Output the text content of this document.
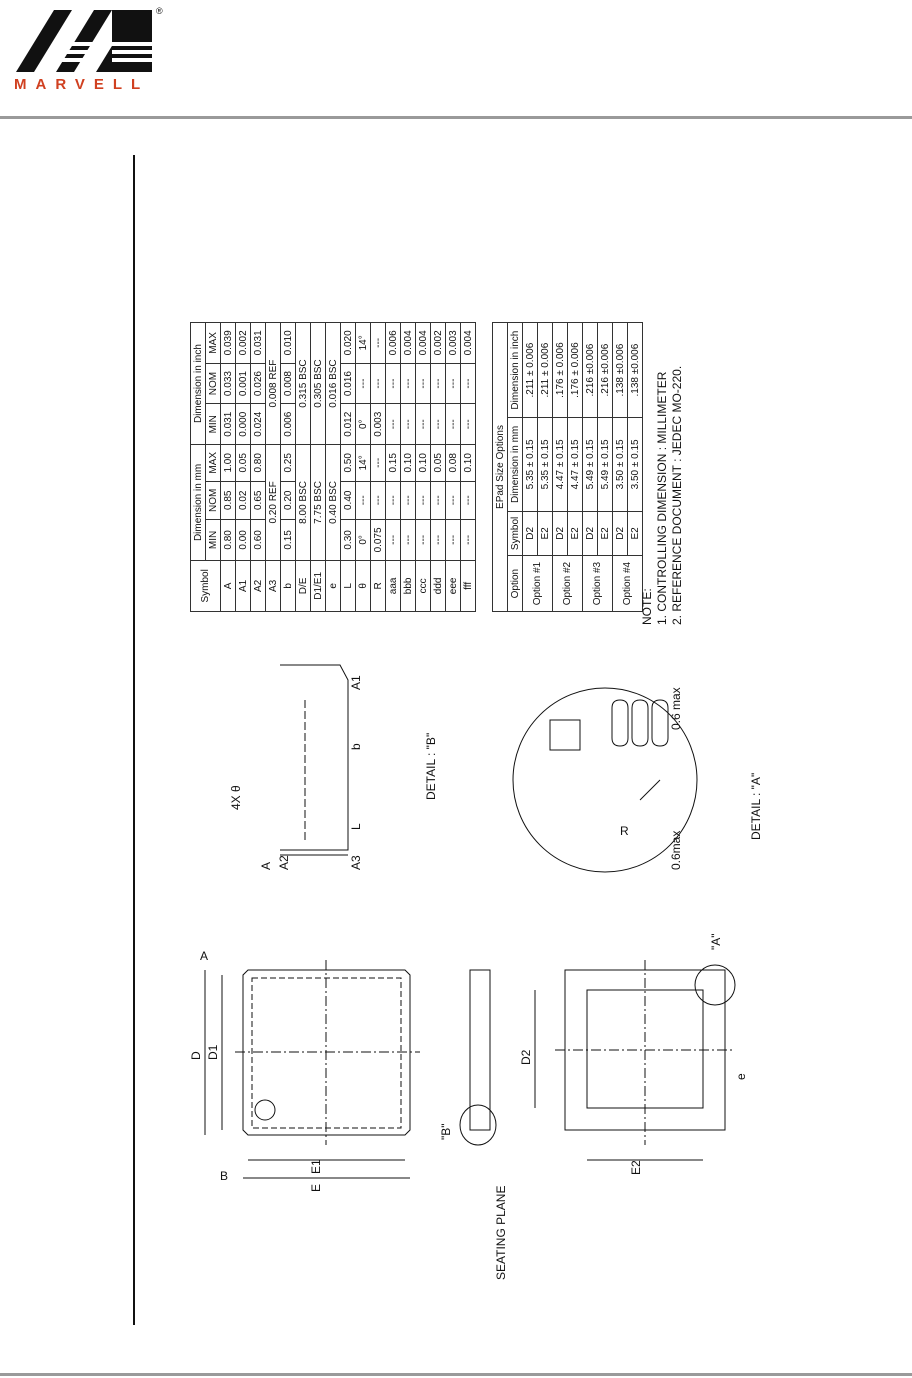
®
MARVELL
Symbol	Dimension in mm			Dimension in inch		
	MIN	NOM	MAX	MIN	NOM	MAX
A	0.80	0.85	1.00	0.031	0.033	0.039
A1	0.00	0.02	0.05	0.000	0.001	0.002
A2	0.60	0.65	0.80	0.024	0.026	0.031
A3	0.20 REF			0.008 REF		
b	0.15	0.20	0.25	0.006	0.008	0.010
D/E	8.00 BSC			0.315 BSC		
D1/E1	7.75 BSC			0.305 BSC		
e	0.40 BSC			0.016 BSC		
L	0.30	0.40	0.50	0.012	0.016	0.020
θ	0°	---	14°	0°	---	14°
R	0.075	---	---	0.003	---	---
aaa	---	---	0.15	---	---	0.006
bbb	---	---	0.10	---	---	0.004
ccc	---	---	0.10	---	---	0.004
ddd	---	---	0.05	---	---	0.002
eee	---	---	0.08	---	---	0.003
fff	---	---	0.10	---	---	0.004
EPad Size Options			
Option	Symbol	Dimension in mm	Dimension in inch
Option #1	D2	5.35 ± 0.15	.211 ± 0.006
	E2	5.35 ± 0.15	.211 ± 0.006
Option #2	D2	4.47 ± 0.15	.176 ± 0.006
	E2	4.47 ± 0.15	.176 ± 0.006
Option #3	D2	5.49 ± 0.15	.216 ±0.006
	E2	5.49 ± 0.15	.216 ±0.006
Option #4	D2	3.50 ± 0.15	.138 ±0.006
	E2	3.50 ± 0.15	.138 ±0.006
NOTE: 1. CONTROLLING DIMENSION : MILLIMETER 2. REFERENCE DOCUMENT : JEDEC MO-220.
D D1
E1
E
A
B
SEATING PLANE
"B"
"A"
D2
E2
e
DETAIL : "B"
DETAIL : "A"
A A2	A3
A1
L
b
4X θ
R	0.6max
0.6 max
